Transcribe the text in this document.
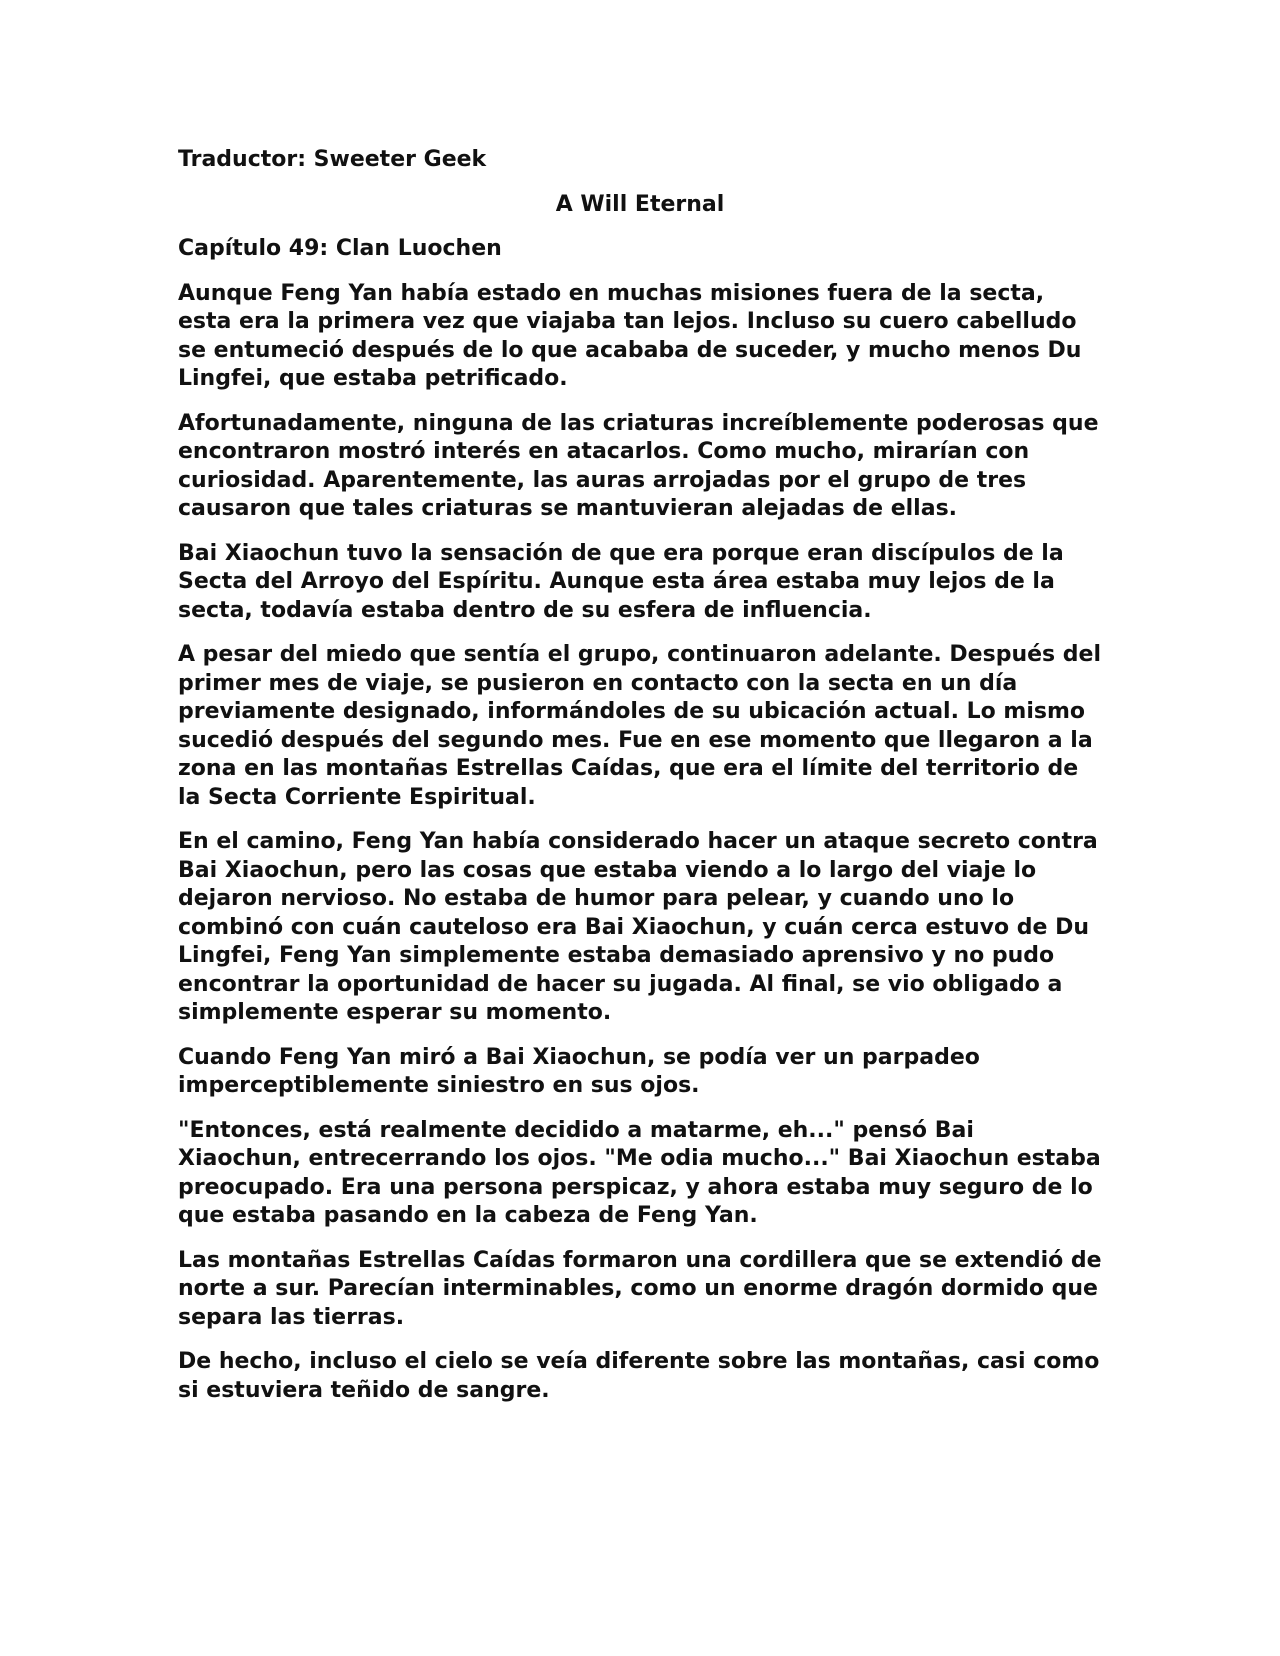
Traductor: Sweeter Geek

A Will Eternal

Capítulo 49: Clan Luochen

Aunque Feng Yan había estado en muchas misiones fuera de la secta, esta era la primera vez que viajaba tan lejos. Incluso su cuero cabelludo se entumeció después de lo que acababa de suceder, y mucho menos Du Lingfei, que estaba petrificado.

Afortunadamente, ninguna de las criaturas increíblemente poderosas que encontraron mostró interés en atacarlos. Como mucho, mirarían con curiosidad. Aparentemente, las auras arrojadas por el grupo de tres causaron que tales criaturas se mantuvieran alejadas de ellas.

Bai Xiaochun tuvo la sensación de que era porque eran discípulos de la Secta del Arroyo del Espíritu. Aunque esta área estaba muy lejos de la secta, todavía estaba dentro de su esfera de influencia.

A pesar del miedo que sentía el grupo, continuaron adelante. Después del primer mes de viaje, se pusieron en contacto con la secta en un día previamente designado, informándoles de su ubicación actual. Lo mismo sucedió después del segundo mes. Fue en ese momento que llegaron a la zona en las montañas Estrellas Caídas, que era el límite del territorio de la Secta Corriente Espiritual.

En el camino, Feng Yan había considerado hacer un ataque secreto contra Bai Xiaochun, pero las cosas que estaba viendo a lo largo del viaje lo dejaron nervioso. No estaba de humor para pelear, y cuando uno lo combinó con cuán cauteloso era Bai Xiaochun, y cuán cerca estuvo de Du Lingfei, Feng Yan simplemente estaba demasiado aprensivo y no pudo encontrar la oportunidad de hacer su jugada. Al final, se vio obligado a simplemente esperar su momento.

Cuando Feng Yan miró a Bai Xiaochun, se podía ver un parpadeo imperceptiblemente siniestro en sus ojos.

"Entonces, está realmente decidido a matarme, eh..." pensó Bai Xiaochun, entrecerrando los ojos. "Me odia mucho..." Bai Xiaochun estaba preocupado. Era una persona perspicaz, y ahora estaba muy seguro de lo que estaba pasando en la cabeza de Feng Yan.

Las montañas Estrellas Caídas formaron una cordillera que se extendió de norte a sur. Parecían interminables, como un enorme dragón dormido que separa las tierras.

De hecho, incluso el cielo se veía diferente sobre las montañas, casi como si estuviera teñido de sangre.
